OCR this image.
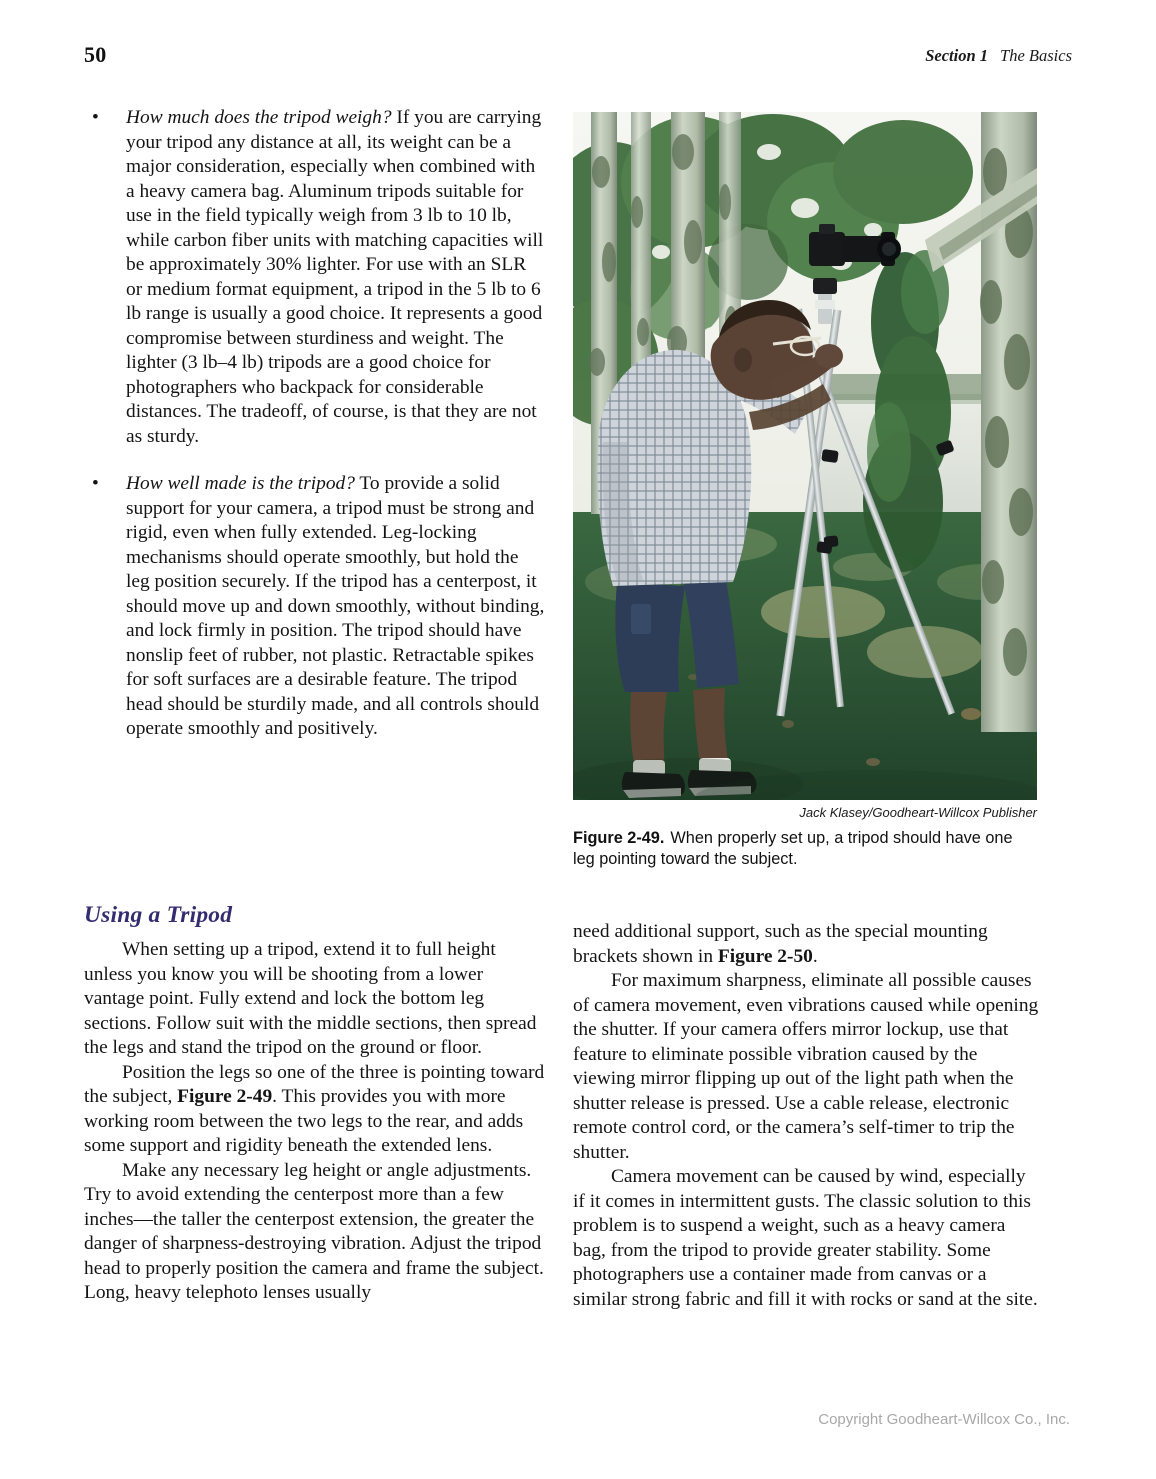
50	Section 1 The Basics
• How much does the tripod weigh? If you are carrying your tripod any distance at all, its weight can be a major consideration, especially when combined with a heavy camera bag. Aluminum tripods suitable for use in the field typically weigh from 3 lb to 10 lb, while carbon fiber units with matching capacities will be approximately 30% lighter. For use with an SLR or medium format equipment, a tripod in the 5 lb to 6 lb range is usually a good choice. It represents a good compromise between sturdiness and weight. The lighter (3 lb–4 lb) tripods are a good choice for photographers who backpack for considerable distances. The tradeoff, of course, is that they are not as sturdy.
• How well made is the tripod? To provide a solid support for your camera, a tripod must be strong and rigid, even when fully extended. Leg-locking mechanisms should operate smoothly, but hold the leg position securely. If the tripod has a centerpost, it should move up and down smoothly, without binding, and lock firmly in position. The tripod should have nonslip feet of rubber, not plastic. Retractable spikes for soft surfaces are a desirable feature. The tripod head should be sturdily made, and all controls should operate smoothly and positively.
Using a Tripod

When setting up a tripod, extend it to full height unless you know you will be shooting from a lower vantage point. Fully extend and lock the bottom leg sections. Follow suit with the middle sections, then spread the legs and stand the tripod on the ground or floor.

Position the legs so one of the three is pointing toward the subject, Figure 2-49. This provides you with more working room between the two legs to the rear, and adds some support and rigidity beneath the extended lens.

Make any necessary leg height or angle adjustments. Try to avoid extending the centerpost more than a few inches—the taller the centerpost extension, the greater the danger of sharpness-destroying vibration. Adjust the tripod head to properly position the camera and frame the subject. Long, heavy telephoto lenses usually

Jack Klasey/Goodheart-Willcox Publisher
Figure 2-49. When properly set up, a tripod should have one leg pointing toward the subject.

need additional support, such as the special mounting brackets shown in Figure 2-50.

For maximum sharpness, eliminate all possible causes of camera movement, even vibrations caused while opening the shutter. If your camera offers mirror lockup, use that feature to eliminate possible vibration caused by the viewing mirror flipping up out of the light path when the shutter release is pressed. Use a cable release, electronic remote control cord, or the camera’s self-timer to trip the shutter.

Camera movement can be caused by wind, especially if it comes in intermittent gusts. The classic solution to this problem is to suspend a weight, such as a heavy camera bag, from the tripod to provide greater stability. Some photographers use a container made from canvas or a similar strong fabric and fill it with rocks or sand at the site.

Copyright Goodheart-Willcox Co., Inc.
